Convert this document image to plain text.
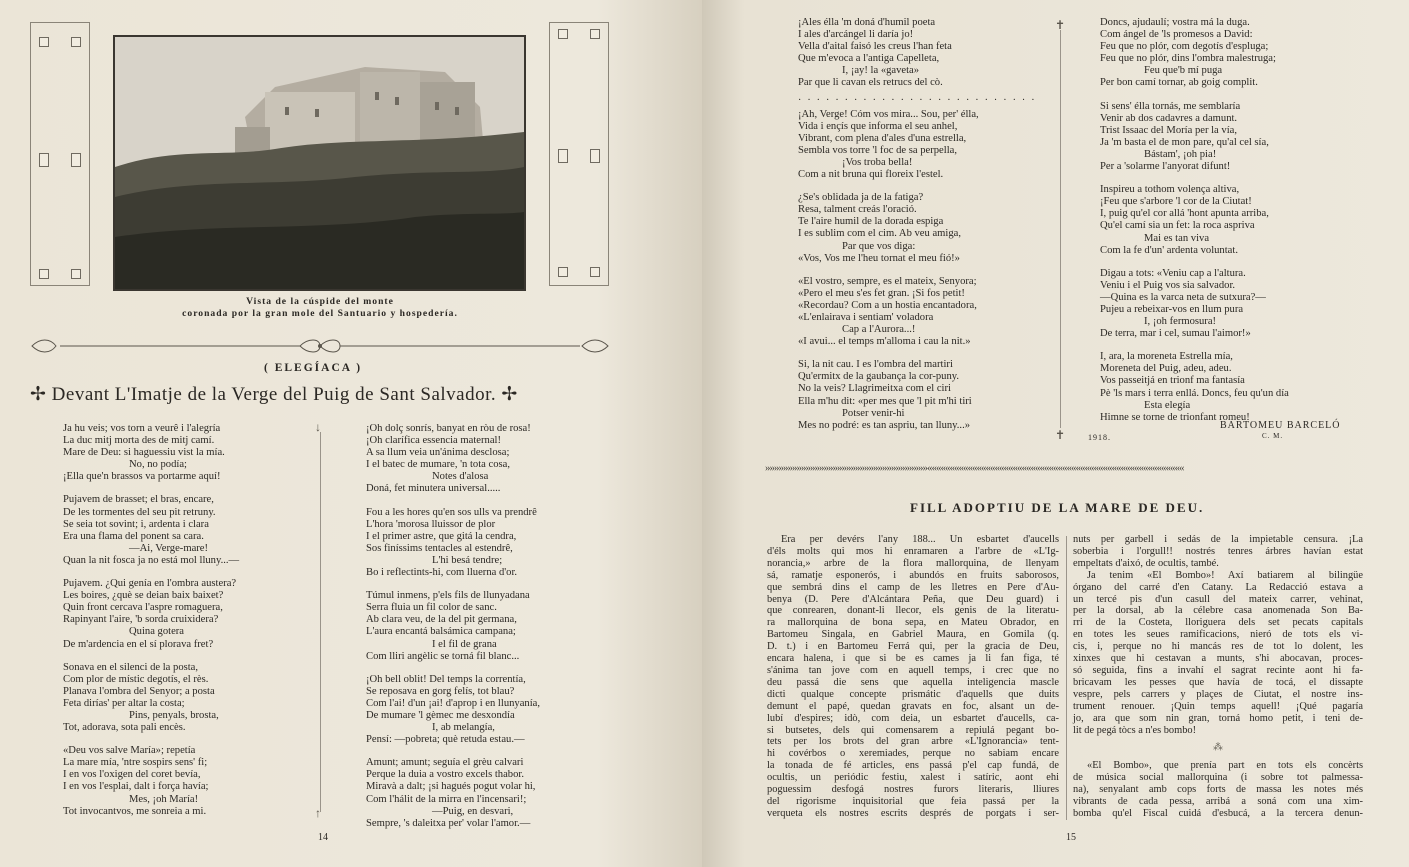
Vista de la cúspide del monte
coronada por la gran mole del Santuario y hospedería.
( ELEGÍACA )
✢ Devant L'Imatje de la Verge del Puig de Sant Salvador. ✢
Ja hu veis; vos torn a veurê i l'alegría
La duc mitj morta des de mitj camí.
Mare de Deu: si haguessiu vist la mía.
No, no podía;
¡Ella que'n brassos va portarme aquí!
Pujavem de brasset; el bras, encare,
De les tormentes del seu pit retruny.
Se seia tot sovint; i, ardenta i clara
Era una flama del ponent sa cara.
—Ai, Verge-mare!
Quan la nit fosca ja no está mol lluny...—
Pujavem. ¿Qui genía en l'ombra austera?
Les boires, ¿què se deian baix baixet?
Quin front cercava l'aspre romaguera,
Rapinyant l'aire, 'b sorda cruixidera?
Quina gotera
De m'ardencia en el sí plorava fret?
Sonava en el silenci de la posta,
Com plor de místic degotís, el rès.
Planava l'ombra del Senyor; a posta
Feta dirías' per altar la costa;
Pins, penyals, brosta,
Tot, adorava, sota pali encès.
«Deu vos salve María»; repetía
La mare mía, 'ntre sospirs sens' fi;
I en vos l'oxigen del coret bevía,
I en vos l'esplai, dalt i força havía;
Mes, ¡oh María!
Tot invocantvos, me sonreia a mi.
↓
↑
¡Oh dolç sonrís, banyat en ròu de rosa!
¡Oh clarífica essencia maternal!
A sa llum veia un'ánima desclosa;
I el batec de mumare, 'n tota cosa,
Notes d'alosa
Doná, fet minutera universal.....
Fou a les hores qu'en sos ulls va prendrê
L'hora 'morosa lluissor de plor
I el primer astre, que gitá la cendra,
Sos finíssims tentacles al estendrê,
L'hi besá tendre;
Bo i reflectints-hi, com lluerna d'or.
Túmul inmens, p'els fils de llunyadana
Serra fluia un fil color de sanc.
Ab clara veu, de la del pit germana,
L'aura encantá balsámica campana;
I el fil de grana
Com lliri angèlic se torná fil blanc...
¡Oh bell oblit! Del temps la correntía,
Se reposava en gorg felís, tot blau?
Com l'ai! d'un ¡ai! d'aprop i en llunyanía,
De mumare 'l gèmec me desxondía
I, ab melangía,
Pensí: —pobreta; què retuda estau.—
Amunt; amunt; seguía el grèu calvari
Perque la duia a vostro excels thabor.
Miravà a dalt; ¡si hagués pogut volar hi,
Com l'hálit de la mirra en l'incensari!;
—Puig, en desvari,
Sempre, 's daleitxa per' volar l'amor.—
14
¡Ales élla 'm doná d'humil poeta
I ales d'arcángel li daría jo!
Vella d'aital faisó les creus l'han feta
Que m'evoca a l'antiga Capelleta,
I, ¡ay! la «gaveta»
Par que li cavan els retrucs del cò.
··························
¡Ah, Verge! Cóm vos mira... Sou, per' élla,
Vida i ençís que informa el seu anhel,
Vibrant, com plena d'ales d'una estrella,
Sembla vos torre 'l foc de sa perpella,
¡Vos troba bella!
Com a nit bruna qui floreix l'estel.
¿Se's oblidada ja de la fatiga?
Resa, talment creás l'oració.
Te l'aire humil de la dorada espiga
I es sublim com el cim. Ab veu amiga,
Par que vos diga:
«Vos, Vos me l'heu tornat el meu fió!»
«El vostro, sempre, es el mateix, Senyora;
«Pero el meu s'es fet gran. ¡Si fos petit!
«Recordau? Com a un hostia encantadora,
«L'enlairava i sentiam' voladora
Cap a l'Aurora...!
«I avui... el temps m'alloma i cau la nit.»
Si, la nit cau. I es l'ombra del martiri
Qu'ermitx de la gaubança la cor-puny.
No la veis? Llagrimeitxa com el ciri
Ella m'hu dit: «per mes que 'l pit m'hi tiri
Potser venir-hi
Mes no podré: es tan aspriu, tan lluny...»
✝
✝
Doncs, ajudaulí; vostra má la duga.
Com ángel de 'ls promesos a David:
Feu que no plór, com degotís d'espluga;
Feu que no plór, dins l'ombra malestruga;
Feu que'b mí puga
Per bon camí tornar, ab goig complit.
Si sens' élla tornás, me semblaría
Venir ab dos cadavres a damunt.
Trist Issaac del Moría per la vía,
Ja 'm basta el de mon pare, qu'al cel sía,
Bástam', ¡oh pia!
Per a 'solarme l'anyorat difunt!
Inspireu a tothom volença altiva,
¡Feu que s'arbore 'l cor de la Ciutat!
I, puig qu'el cor allá 'hont apunta arriba,
Qu'el camí sia un fet: la roca aspriva
Mai es tan viva
Com la fe d'un' ardenta voluntat.
Digau a tots: «Veniu cap a l'altura.
Veniu i el Puig vos sia salvador.
—Quina es la varca neta de sutxura?—
Pujeu a rebeixar-vos en llum pura
I, ¡oh fermosura!
De terra, mar i cel, sumau l'aimor!»
I, ara, la moreneta Estrella mía,
Moreneta del Puig, adeu, adeu.
Vos passeitjá en trionf ma fantasía
Pè 'ls mars i terra enllá. Doncs, feu qu'un día
Esta elegía
Himne se torne de trionfant romeu!
BARTOMEU BARCELÓ
C. M.
1918.
»»»»»»»»»»»»»»»»»»»»»»»»»»»»»»»»»»»»«««««««««««««««««««««««««««««««««««««««««««««««««««««««««
FILL ADOPTIU DE LA MARE DE DEU.
Era per devérs l'any 188... Un esbartet d'aucells
d'éls molts qui mos hi enramaren a l'arbre de «L'Ig-
norancia,» arbre de la flora mallorquina, de llenyam
sá, ramatje esponerós, i abundós en fruits saborosos,
que sembrá dins el camp de les lletres en Pere d'Au-
benya (D. Pere d'Alcántara Peña, que Deu guard) i
que conrearen, donant-li llecor, els genis de la literatu-
ra mallorquina de bona sepa, en Mateu Obrador, en
Bartomeu Singala, en Gabriel Maura, en Gomila (q.
D. t.) i en Bartomeu Ferrá qui, per la gracia de Deu,
encara halena, i que si be es cames ja li fan figa, té
s'ánima tan jove com en aquell temps, i crec que no
deu passá die sens que aquella inteligencia mascle
dicti qualque concepte prismátic d'aquells que duits
demunt el papé, quedan gravats en foc, alsant un de-
lubí d'espires; idò, com deia, un esbartet d'aucells, ca-
si butsetes, dels qui comensarem a repiulá pegant bo-
tets per los brots del gran arbre «L'Ignorancia» tent-
hi covérbos o xeremiades, perque no sabiam encare
la tonada de fé articles, ens passá p'el cap fundá, de
ocultis, un periódic festiu, xalest i satíric, aont ehi
poguessim desfogá nostres furors literaris, lliures
del rigorisme inquisitorial que feia passá per la
verqueta els nostres escrits després de porgats i ser-
nuts per garbell i sedás de la impietable censura. ¡La
soberbia i l'orgull!! nostrés tenres árbres havían estat
empeltats d'aixó, de ocultis, també.
Ja tenim «El Bombo»! Axí batiarem al bilingüe
órgano del carré d'en Catany. La Redacció estava a
un tercé pis d'un casull del mateix carrer, vehinat,
per la dorsal, ab la célebre casa anomenada Son Ba-
rri de la Costeta, lloriguera dels set pecats capitals
en totes les seues ramificacions, nieró de tots els vi-
cis, i, perque no hi mancás res de tot lo dolent, les
xinxes que hi cestavan a munts, s'hi abocavan, proces-
só seguida, fins a invahí el sagrat recinte aont hi fa-
bricavam les pesses que havía de tocá, el dissapte
vespre, pels carrers y plaçes de Ciutat, el nostre ins-
trument renouer. ¡Quin temps aquell! ¡Qué pagaría
jo, ara que som nin gran, torná homo petit, i teni de-
lit de pegá tòcs a n'es bombo!
⁂
«El Bombo», que prenía part en tots els concèrts
de música social mallorquina (i sobre tot palmessa-
na), senyalant amb cops forts de massa les notes més
vibrants de cada pessa, arribá a soná com una xim-
bomba qu'el Fiscal cuidá d'esbucá, a la tercera denun-
15
